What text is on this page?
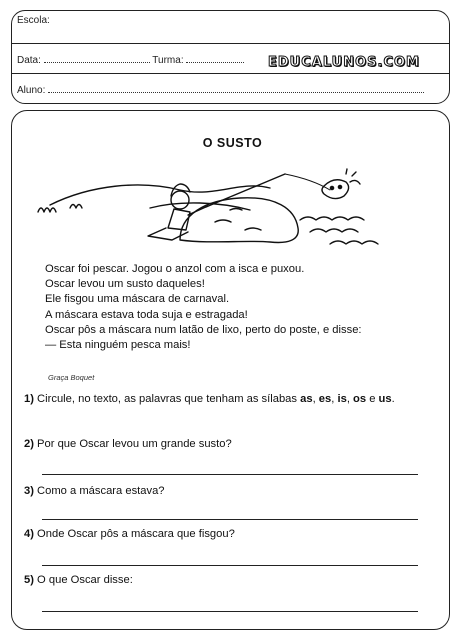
Escola:
Data:	Turma:	EDUCALUNOS.COM
Aluno:
O SUSTO
Oscar foi pescar. Jogou o anzol com a isca e puxou.
Oscar levou um susto daqueles!
Ele fisgou uma máscara de carnaval.
A máscara estava toda suja e estragada!
Oscar pôs a máscara num latão de lixo, perto do poste, e disse:
— Esta ninguém pesca mais!
Graça Boquet
1) Circule, no texto, as palavras que tenham as sílabas as, es, is, os e us.
2) Por que Oscar levou um grande susto?
3) Como a máscara estava?
4) Onde Oscar pôs a máscara que fisgou?
5) O que Oscar disse:
